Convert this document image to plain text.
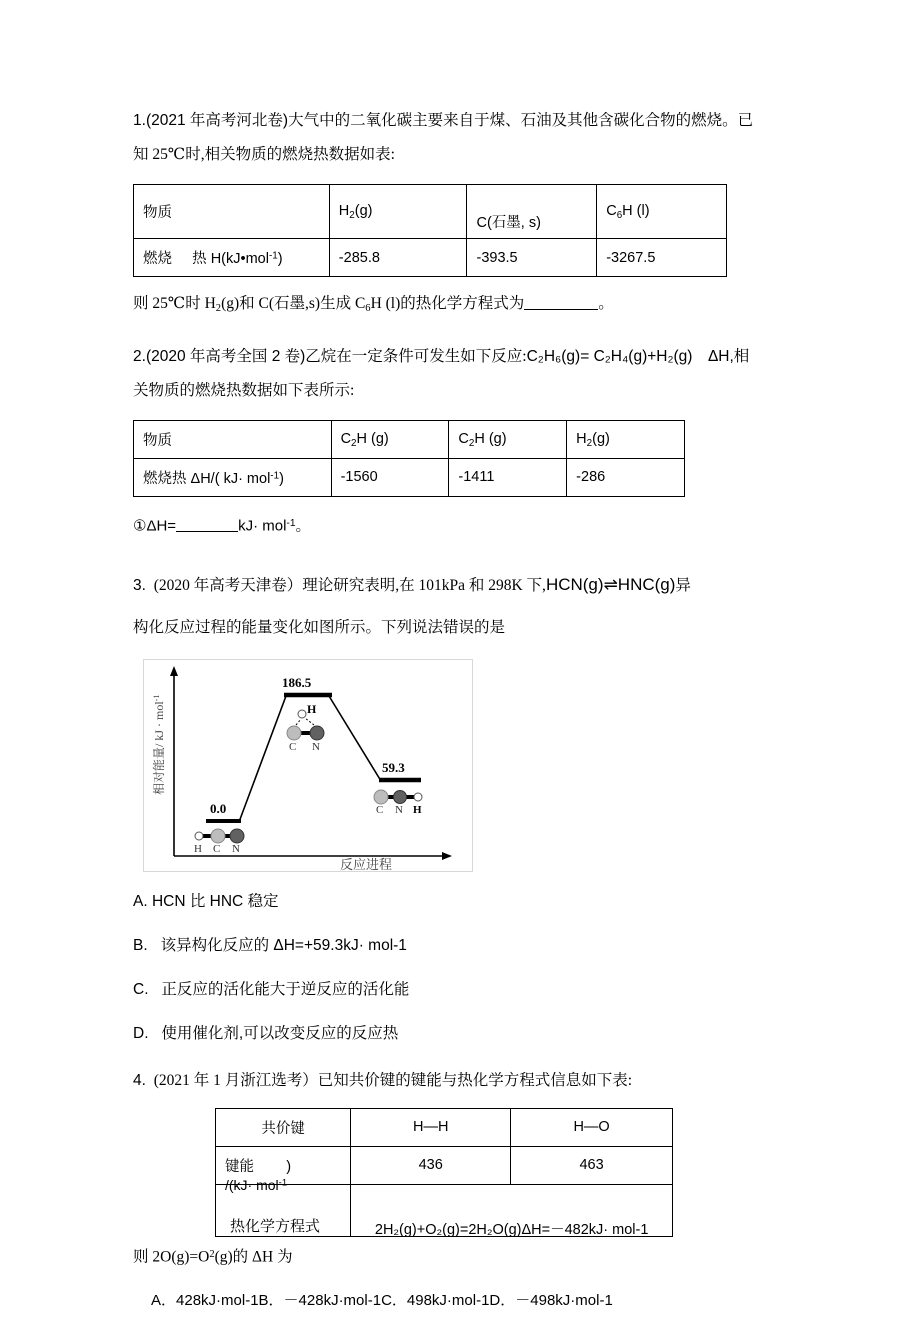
1.(2021 年高考河北卷)大气中的二氧化碳主要来自于煤、石油及其他含碳化合物的燃烧。已
知 25℃时,相关物质的燃烧热数据如表:
物质	$H_2(g)$	C(石墨, s)	$C_6H$ (l)
燃烧 热 H(kJ•mol$^{-1}$)	-285.8	-393.5	-3267.5
则 25℃时 $H_2(g)$和 C(石墨,s)生成 $C_6H$ (l)的热化学方程式为	。
2.(2020 年高考全国 2 卷)乙烷在一定条件可发生如下反应:C₂H₆(g)= C₂H₄(g)+H₂(g) ΔH,相
关物质的燃烧热数据如下表所示:
物质	$C_2H$ (g)	$C_2H$ (g)	$H_2(g)$
燃烧热 ΔH/( kJ· mol$^{-1}$)	-1560	-1411	-286
①ΔH=	kJ· mol$^{-1}$。
3. (2020 年高考天津卷）理论研究表明,在 101kPa 和 298K 下,HCN(g)⇌HNC(g)异
构化反应过程的能量变化如图所示。下列说法错误的是
相对能量/ kJ · mol$^{-1}$
反应进程
0.0
186.5
59.3
H C N
H
C N
C N H
A. HCN 比 HNC 稳定
B. 该异构化反应的 ΔH=+59.3kJ· mol-1
C. 正反应的活化能大于逆反应的活化能
D. 使用催化剂,可以改变反应的反应热
4. (2021 年 1 月浙江选考）已知共价键的键能与热化学方程式信息如下表:
共价键	H—H	H—O
键能 )
/(kJ· mol$^{-1}$	436	463

热化学方程式	2H₂(g)+O₂(g)=2H₂O(g)ΔH=－482kJ· mol-1	
则 $2O(g)=O^2(g)$的 ΔH 为
A．428kJ·mol-1B．－428kJ·mol-1C．498kJ·mol-1D．－498kJ·mol-1
